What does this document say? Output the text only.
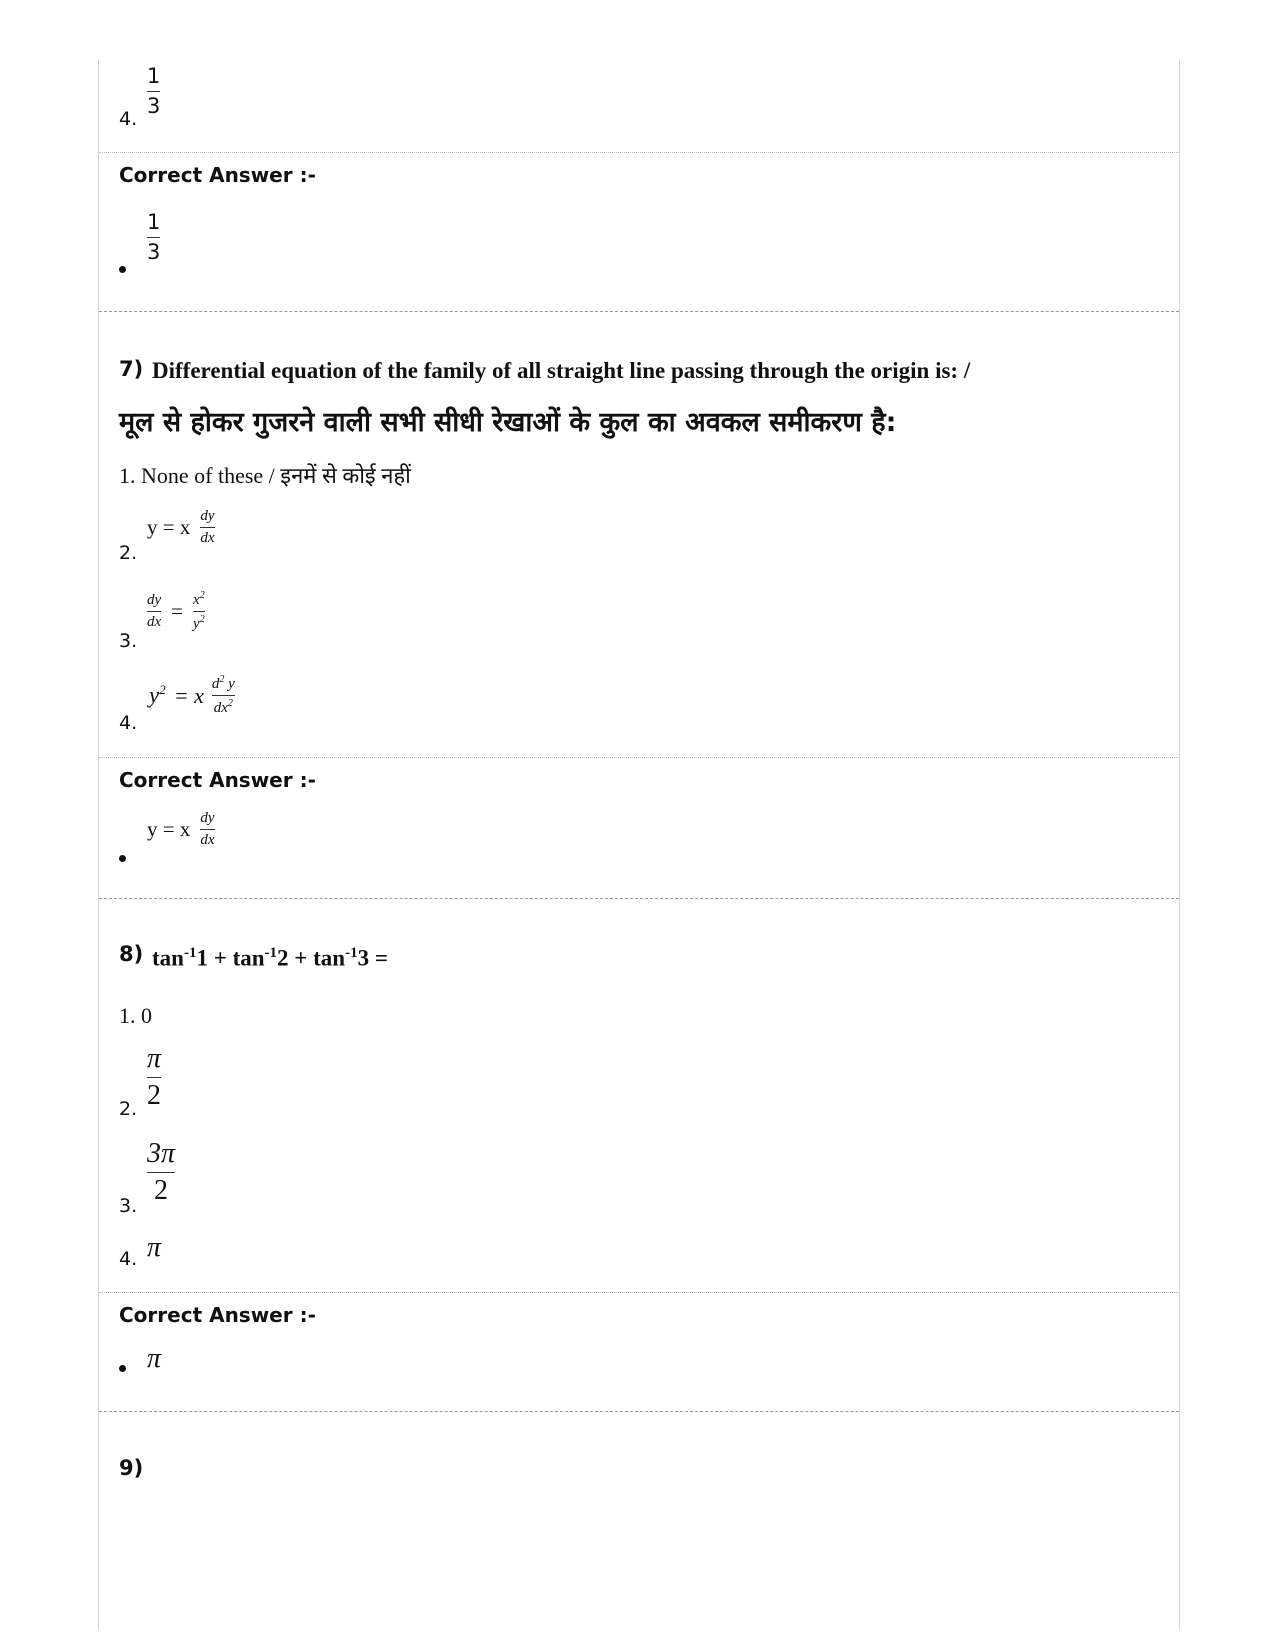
1
3
4.
Correct Answer :-
1
3
7) Differential equation of the family of all straight line passing through the origin is: /
मूल से होकर गुजरने वाली सभी सीधी रेखाओं के कुल का अवकल समीकरण है:
1. None of these / इनमें से कोई नहीं
2.
y = x dy
dx
3.
dy
dx = $x^2$
$y^2$
4.
$y^2 = x$ $d^2$ y
$dx^2$
Correct Answer :-
y = x dy
dx
8) $\tan^{-1}1 + \tan^{-1}2 + \tan^{-1}3$ =
1. 0
π
2
2.
3π
2
3.
4. π
Correct Answer :-
π
9)
